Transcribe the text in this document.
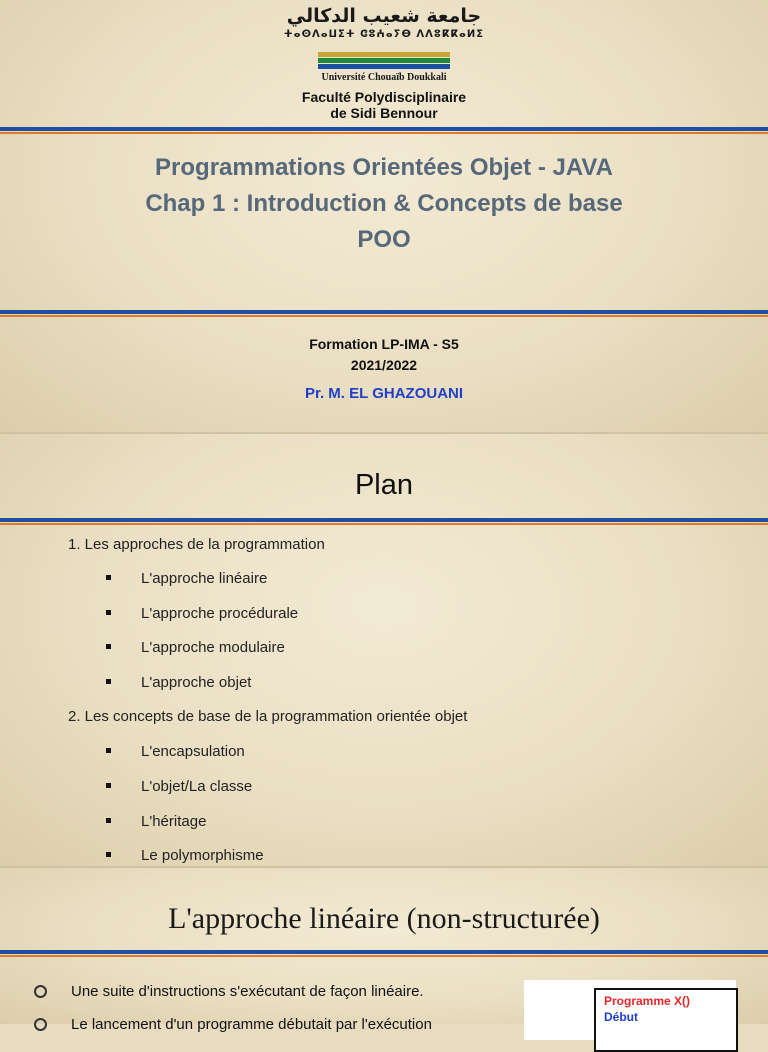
جامعة شعيب الدكالي
ⵜⴰⵙⴷⴰⵡⵉⵜ ⵛⵓⵄⴰⵢⴱ ⴷⴷⵓⴽⴽⴰⵍⵉ
Université Chouaïb Doukkali
Faculté Polydisciplinaire
de Sidi Bennour
Programmations Orientées Objet - JAVA
Chap 1 : Introduction & Concepts de base
POO
Formation LP-IMA - S5
2021/2022
Pr. M. EL GHAZOUANI
Plan
1. Les approches de la programmation
L'approche linéaire
L'approche procédurale
L'approche modulaire
L'approche objet
2. Les concepts de base de la programmation orientée objet
L'encapsulation
L'objet/La classe
L'héritage
Le polymorphisme
L'approche linéaire (non-structurée)
Une suite d'instructions s'exécutant de façon linéaire.
Le lancement d'un programme débutait par l'exécution
Programme X()
Début
